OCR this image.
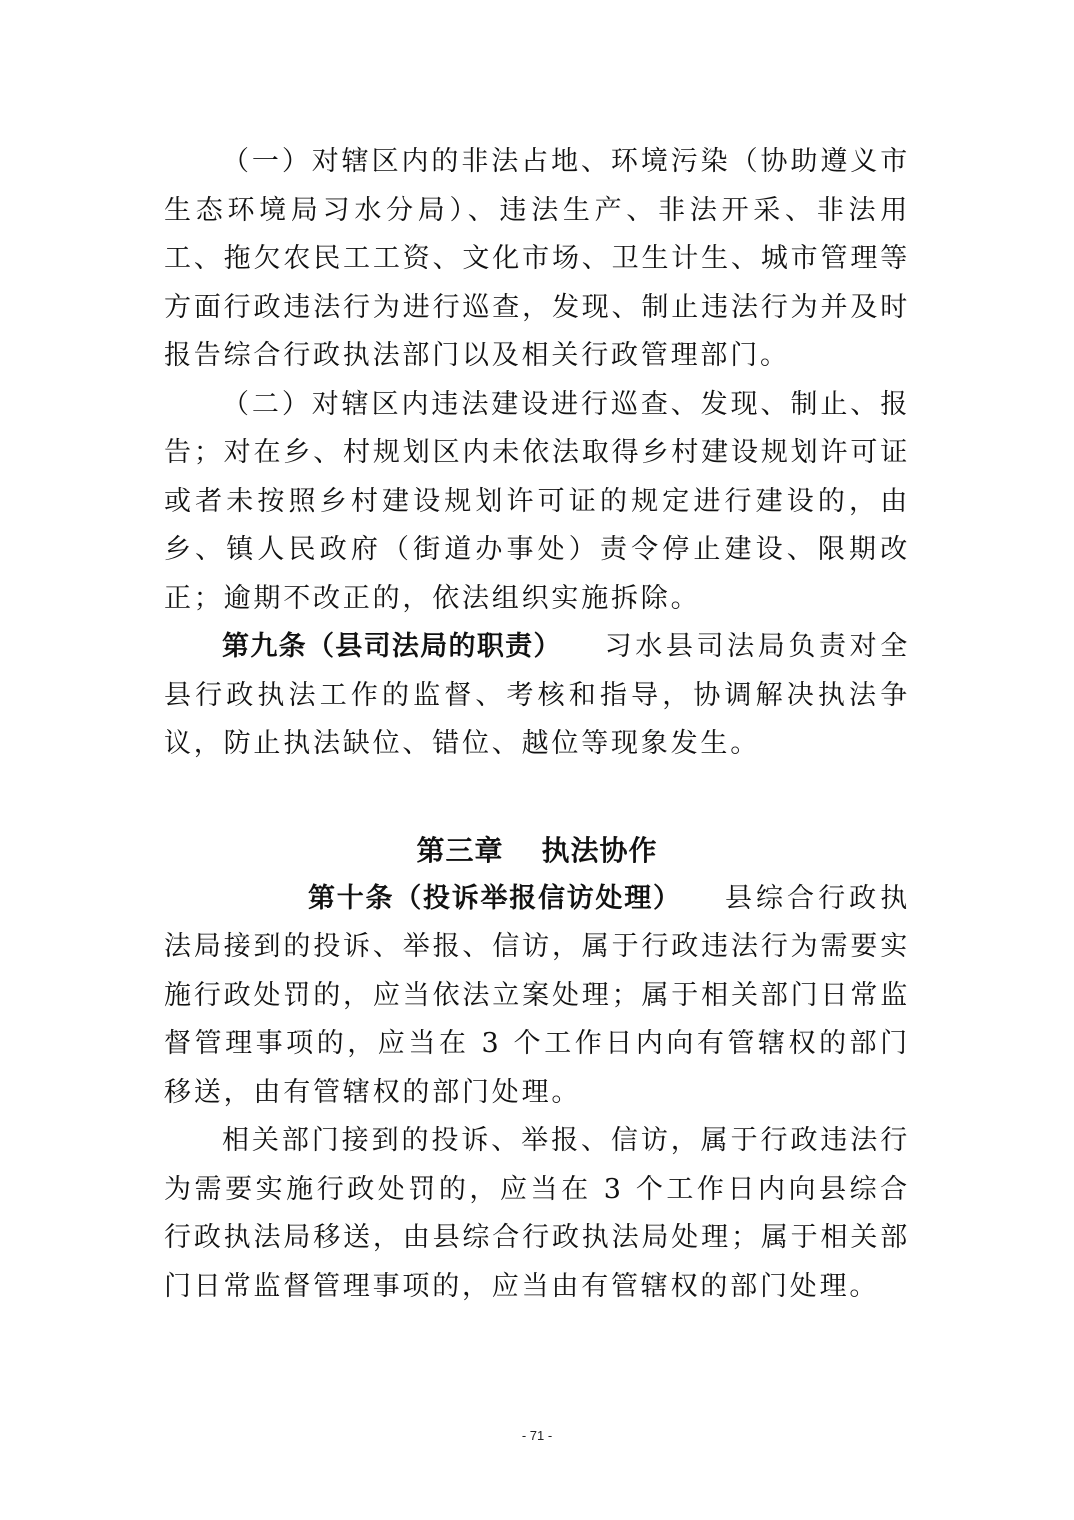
（一）对辖区内的非法占地、环境污染（协助遵义市生态环境局习水分局）、违法生产、非法开采、非法用工、拖欠农民工工资、文化市场、卫生计生、城市管理等方面行政违法行为进行巡查，发现、制止违法行为并及时报告综合行政执法部门以及相关行政管理部门。

（二）对辖区内违法建设进行巡查、发现、制止、报告；对在乡、村规划区内未依法取得乡村建设规划许可证或者未按照乡村建设规划许可证的规定进行建设的，由乡、镇人民政府（街道办事处）责令停止建设、限期改正；逾期不改正的，依法组织实施拆除。

第九条（县司法局的职责） 习水县司法局负责对全县行政执法工作的监督、考核和指导，协调解决执法争议，防止执法缺位、错位、越位等现象发生。

第三章 执法协作

第十条（投诉举报信访处理） 县综合行政执法局接到的投诉、举报、信访，属于行政违法行为需要实施行政处罚的，应当依法立案处理；属于相关部门日常监督管理事项的，应当在 3 个工作日内向有管辖权的部门移送，由有管辖权的部门处理。

相关部门接到的投诉、举报、信访，属于行政违法行为需要实施行政处罚的，应当在 3 个工作日内向县综合行政执法局移送，由县综合行政执法局处理；属于相关部门日常监督管理事项的，应当由有管辖权的部门处理。

- 71 -
